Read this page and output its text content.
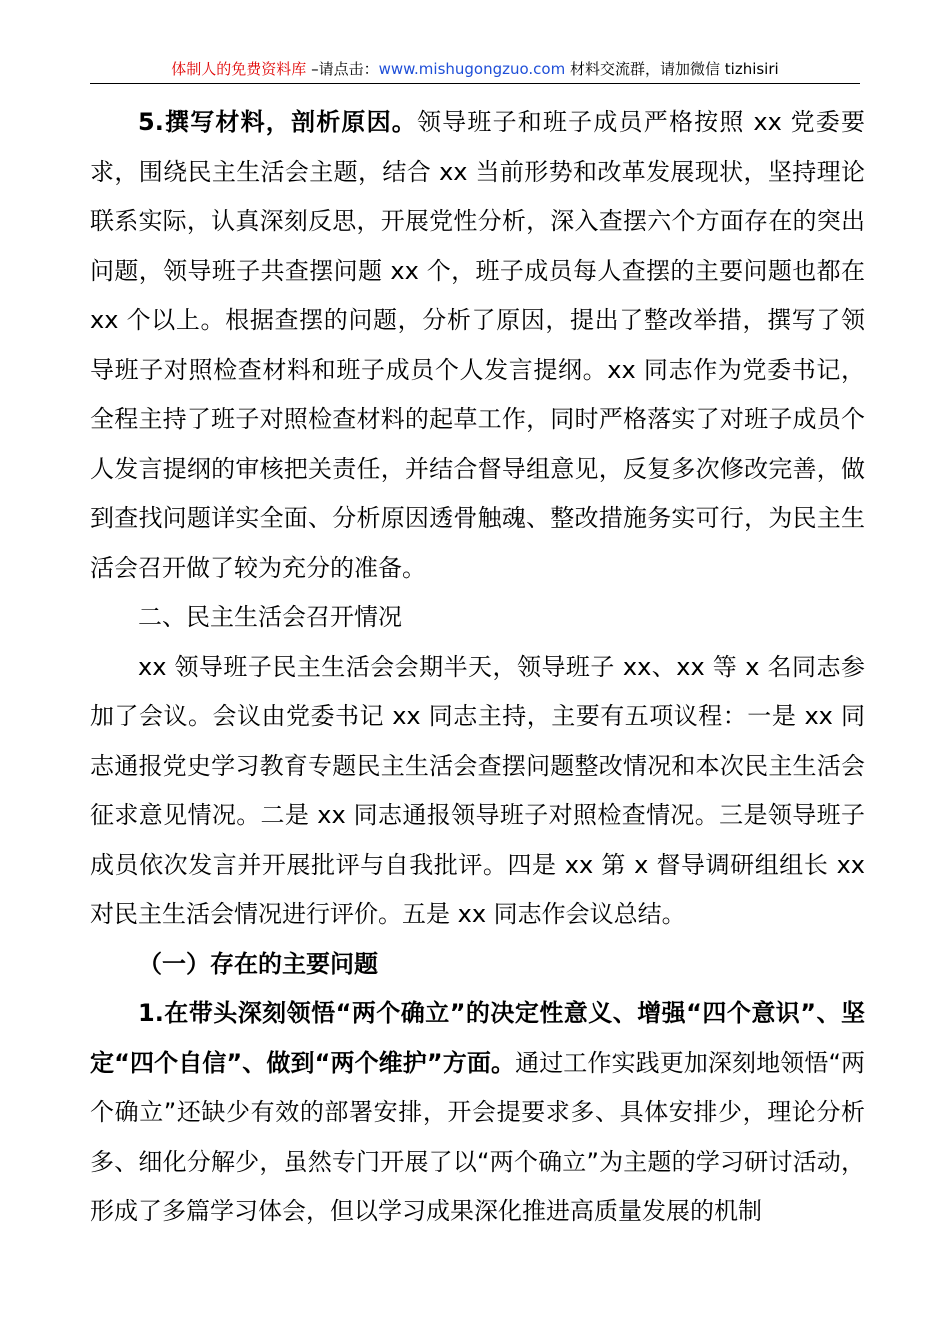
体制人的免费资料库 –请点击：www.mishugongzuo.com 材料交流群，请加微信 tizhisiri

5.撰写材料，剖析原因。领导班子和班子成员严格按照 xx 党委要求，围绕民主生活会主题，结合 xx 当前形势和改革发展现状，坚持理论联系实际，认真深刻反思，开展党性分析，深入查摆六个方面存在的突出问题，领导班子共查摆问题 xx 个，班子成员每人查摆的主要问题也都在 xx 个以上。根据查摆的问题，分析了原因，提出了整改举措，撰写了领导班子对照检查材料和班子成员个人发言提纲。xx 同志作为党委书记，全程主持了班子对照检查材料的起草工作，同时严格落实了对班子成员个人发言提纲的审核把关责任，并结合督导组意见，反复多次修改完善，做到查找问题详实全面、分析原因透骨触魂、整改措施务实可行，为民主生活会召开做了较为充分的准备。

二、民主生活会召开情况

xx 领导班子民主生活会会期半天，领导班子 xx、xx 等 x 名同志参加了会议。会议由党委书记 xx 同志主持，主要有五项议程：一是 xx 同志通报党史学习教育专题民主生活会查摆问题整改情况和本次民主生活会征求意见情况。二是 xx 同志通报领导班子对照检查情况。三是领导班子成员依次发言并开展批评与自我批评。四是 xx 第 x 督导调研组组长 xx 对民主生活会情况进行评价。五是 xx 同志作会议总结。

（一）存在的主要问题

1.在带头深刻领悟“两个确立”的决定性意义、增强“四个意识”、坚定“四个自信”、做到“两个维护”方面。通过工作实践更加深刻地领悟“两个确立”还缺少有效的部署安排，开会提要求多、具体安排少，理论分析多、细化分解少，虽然专门开展了以“两个确立”为主题的学习研讨活动，形成了多篇学习体会，但以学习成果深化推进高质量发展的机制
